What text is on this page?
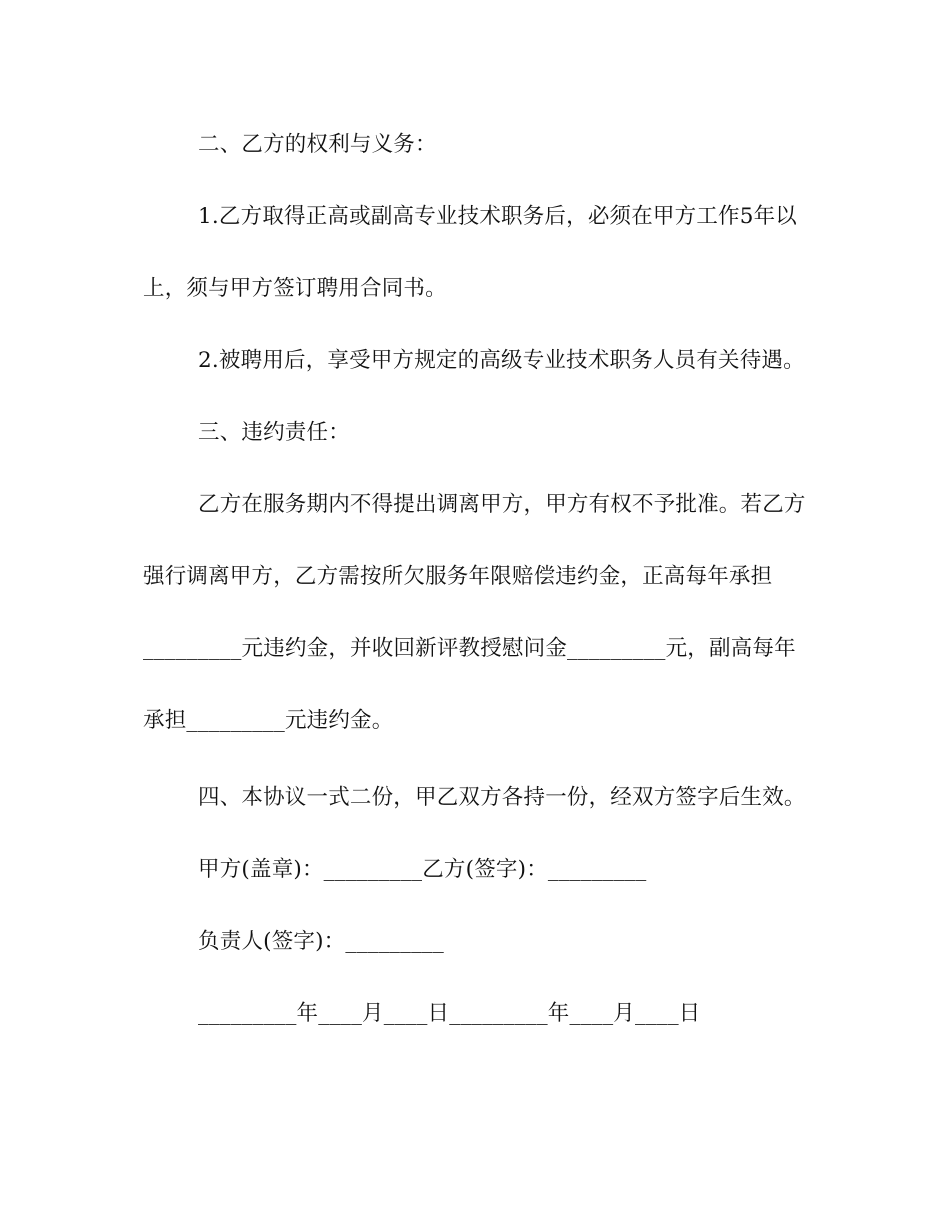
二、乙方的权利与义务：
1.乙方取得正高或副高专业技术职务后，必须在甲方工作5年以
上，须与甲方签订聘用合同书。
2.被聘用后，享受甲方规定的高级专业技术职务人员有关待遇。
三、违约责任：
乙方在服务期内不得提出调离甲方，甲方有权不予批准。若乙方
强行调离甲方，乙方需按所欠服务年限赔偿违约金，正高每年承担
_________元违约金，并收回新评教授慰问金_________元，副高每年
承担_________元违约金。
四、本协议一式二份，甲乙双方各持一份，经双方签字后生效。
甲方(盖章)：_________乙方(签字)：_________
负责人(签字)：_________
_________年____月____日_________年____月____日
